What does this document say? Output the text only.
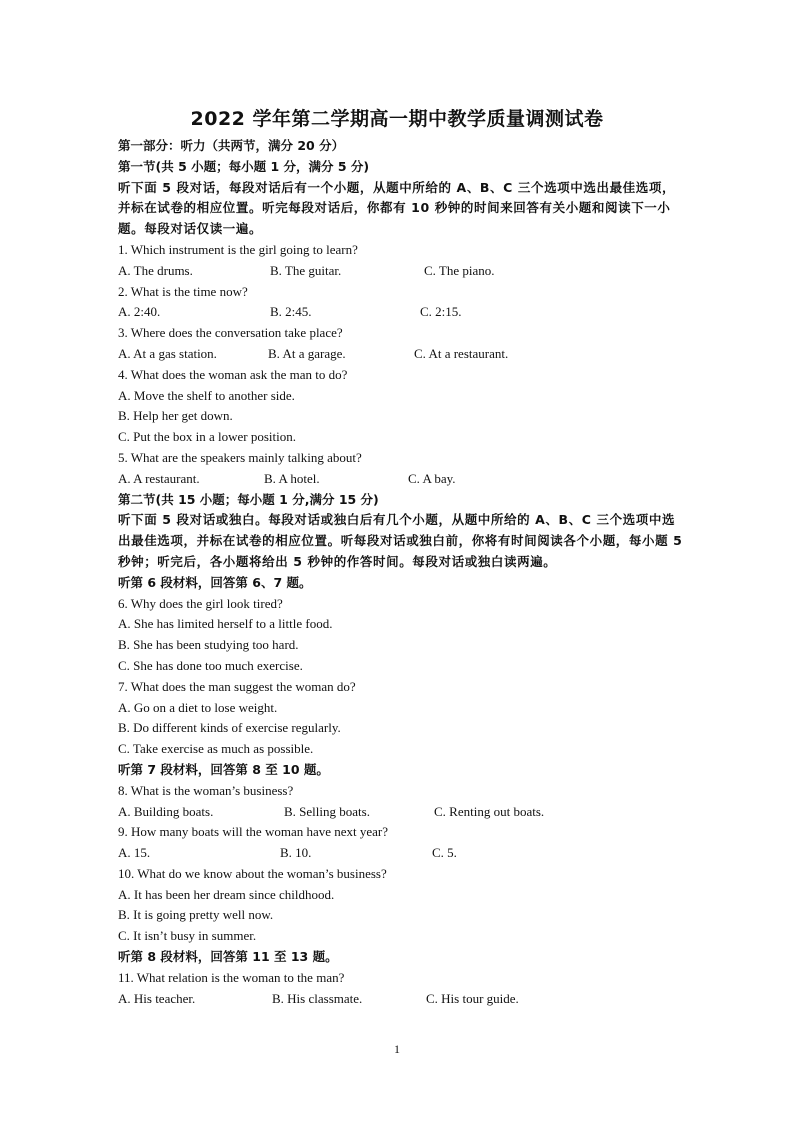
2022 学年第二学期高一期中教学质量调测试卷
第一部分：听力（共两节，满分 20 分）
第一节(共 5 小题；每小题 1 分，满分 5 分)
听下面 5 段对话，每段对话后有一个小题，从题中所给的 A、B、C 三个选项中选出最佳选项，并标在试卷的相应位置。听完每段对话后，你都有 10 秒钟的时间来回答有关小题和阅读下一小题。每段对话仅读一遍。
1. Which instrument is the girl going to learn?
A. The drums.	B. The guitar.	C. The piano.
2. What is the time now?
A. 2:40.	B. 2:45.	C. 2:15.
3. Where does the conversation take place?
A. At a gas station.	B. At a garage.	C. At a restaurant.
4. What does the woman ask the man to do?
A. Move the shelf to another side.
B. Help her get down.
C. Put the box in a lower position.
5. What are the speakers mainly talking about?
A. A restaurant.	B. A hotel.	C. A bay.
第二节(共 15 小题；每小题 1 分,满分 15 分)
听下面 5 段对话或独白。每段对话或独白后有几个小题，从题中所给的 A、B、C 三个选项中选出最佳选项，并标在试卷的相应位置。听每段对话或独白前，你将有时间阅读各个小题，每小题 5 秒钟；听完后，各小题将给出 5 秒钟的作答时间。每段对话或独白读两遍。
听第 6 段材料，回答第 6、7 题。
6. Why does the girl look tired?
A. She has limited herself to a little food.
B. She has been studying too hard.
C. She has done too much exercise.
7. What does the man suggest the woman do?
A. Go on a diet to lose weight.
B. Do different kinds of exercise regularly.
C. Take exercise as much as possible.
听第 7 段材料，回答第 8 至 10 题。
8. What is the woman’s business?
A. Building boats.	B. Selling boats.	C. Renting out boats.
9. How many boats will the woman have next year?
A. 15.	B. 10.	C. 5.
10. What do we know about the woman’s business?
A. It has been her dream since childhood.
B. It is going pretty well now.
C. It isn’t busy in summer.
听第 8 段材料，回答第 11 至 13 题。
11. What relation is the woman to the man?
A. His teacher.	B. His classmate.	C. His tour guide.
1
